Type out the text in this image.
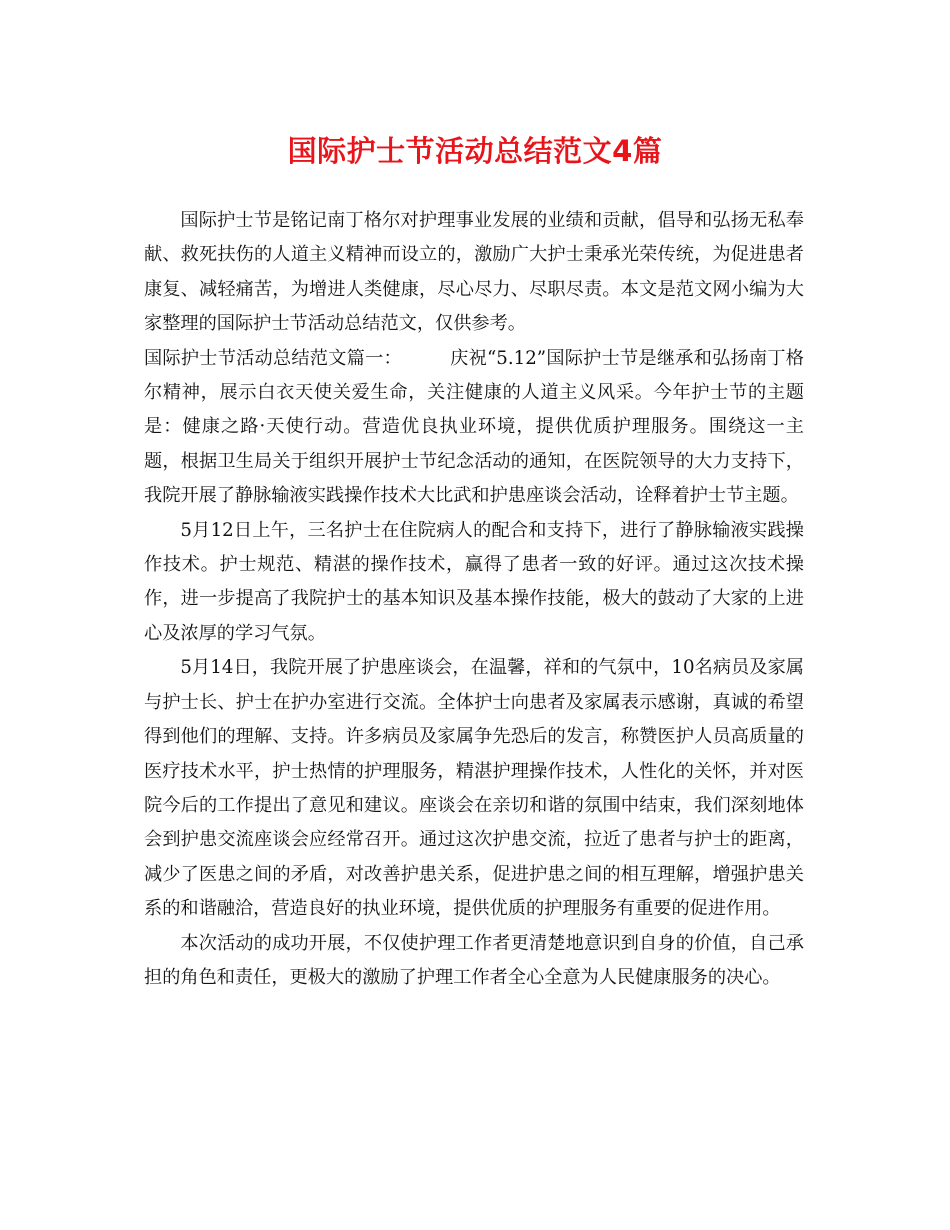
国际护士节活动总结范文4篇

国际护士节是铭记南丁格尔对护理事业发展的业绩和贡献，倡导和弘扬无私奉献、救死扶伤的人道主义精神而设立的，激励广大护士秉承光荣传统，为促进患者康复、减轻痛苦，为增进人类健康，尽心尽力、尽职尽责。本文是范文网小编为大家整理的国际护士节活动总结范文，仅供参考。

国际护士节活动总结范文篇一：	庆祝“5.12”国际护士节是继承和弘扬南丁格尔精神，展示白衣天使关爱生命，关注健康的人道主义风采。今年护士节的主题是：健康之路·天使行动。营造优良执业环境，提供优质护理服务。围绕这一主题，根据卫生局关于组织开展护士节纪念活动的通知，在医院领导的大力支持下，我院开展了静脉输液实践操作技术大比武和护患座谈会活动，诠释着护士节主题。

5月12日上午，三名护士在住院病人的配合和支持下，进行了静脉输液实践操作技术。护士规范、精湛的操作技术，赢得了患者一致的好评。通过这次技术操作，进一步提高了我院护士的基本知识及基本操作技能，极大的鼓动了大家的上进心及浓厚的学习气氛。

5月14日，我院开展了护患座谈会，在温馨，祥和的气氛中，10名病员及家属与护士长、护士在护办室进行交流。全体护士向患者及家属表示感谢，真诚的希望得到他们的理解、支持。许多病员及家属争先恐后的发言，称赞医护人员高质量的医疗技术水平，护士热情的护理服务，精湛护理操作技术，人性化的关怀，并对医院今后的工作提出了意见和建议。座谈会在亲切和谐的氛围中结束，我们深刻地体会到护患交流座谈会应经常召开。通过这次护患交流，拉近了患者与护士的距离，减少了医患之间的矛盾，对改善护患关系，促进护患之间的相互理解，增强护患关系的和谐融洽，营造良好的执业环境，提供优质的护理服务有重要的促进作用。

本次活动的成功开展，不仅使护理工作者更清楚地意识到自身的价值，自己承担的角色和责任，更极大的激励了护理工作者全心全意为人民健康服务的决心。
